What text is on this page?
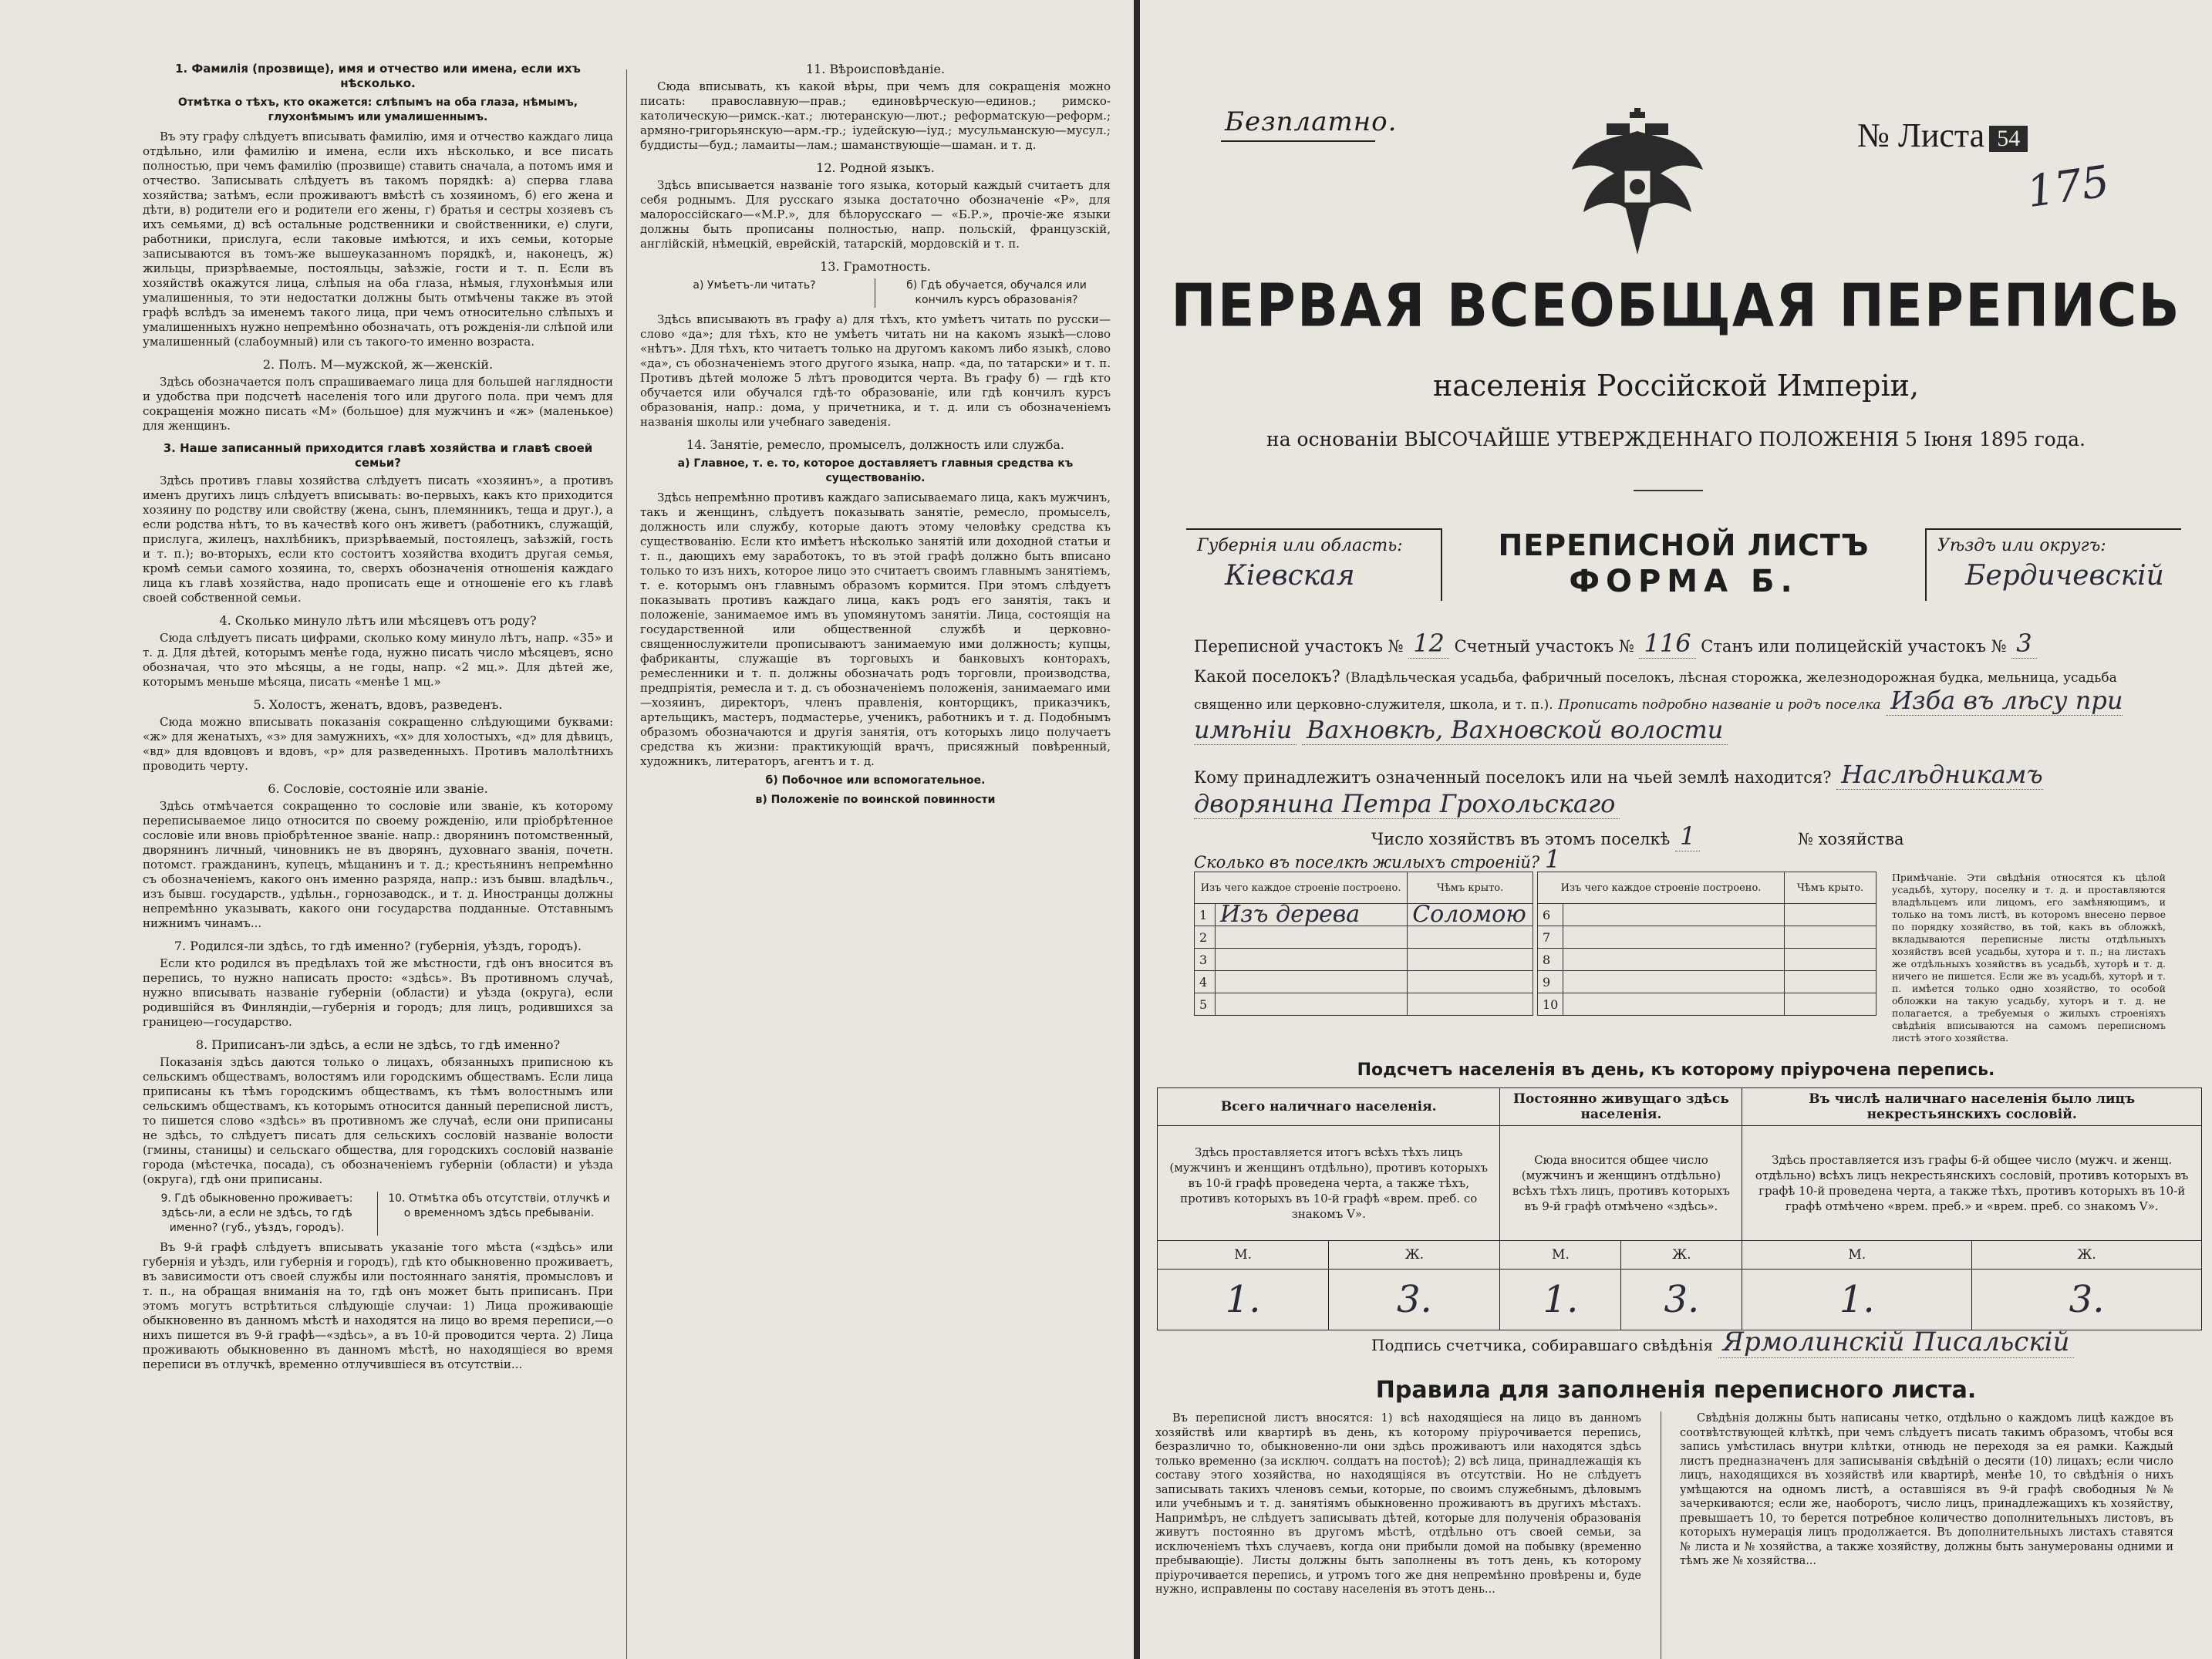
1. Фамилія (прозвище), имя и отчество или имена, если ихъ нѣсколько.
Отмѣтка о тѣхъ, кто окажется: слѣпымъ на оба глаза, нѣмымъ, глухонѣмымъ или умалишеннымъ.

Въ эту графу слѣдуетъ вписывать фамилію, имя и отчество каждаго лица отдѣльно, или фамилію и имена, если ихъ нѣсколько, и все писать полностью, при чемъ фамилію (прозвище) ставить сначала, а потомъ имя и отчество. Записывать слѣдуетъ въ такомъ порядкѣ: а) сперва глава хозяйства; затѣмъ, если проживаютъ вмѣстѣ съ хозяиномъ, б) его жена и дѣти, в) родители его и родители его жены, г) братья и сестры хозяевъ съ ихъ семьями, д) всѣ остальные родственники и свойственники, е) слуги, работники, прислуга, если таковые имѣются, и ихъ семьи, которые записываются въ томъ-же вышеуказанномъ порядкѣ, и, наконецъ, ж) жильцы, призрѣваемые, постояльцы, заѣзжіе, гости и т. п. Если въ хозяйствѣ окажутся лица, слѣпыя на оба глаза, нѣмыя, глухонѣмыя или умалишенныя, то эти недостатки должны быть отмѣчены также въ этой графѣ вслѣдъ за именемъ такого лица, при чемъ относительно слѣпыхъ и умалишенныхъ нужно непремѣнно обозначать, отъ рожденія-ли слѣпой или умалишенный (слабоумный) или съ такого-то именно возраста.

2. Полъ. М—мужской, ж—женскій.

Здѣсь обозначается полъ спрашиваемаго лица для большей наглядности и удобства при подсчетѣ населенія того или другого пола. при чемъ для сокращенія можно писать «М» (большое) для мужчинъ и «ж» (маленькое) для женщинъ.

3. Наше записанный приходится главѣ хозяйства и главѣ своей семьи?

Здѣсь противъ главы хозяйства слѣдуетъ писать «хозяинъ», а противъ именъ другихъ лицъ слѣдуетъ вписывать: во-первыхъ, какъ кто приходится хозяину по родству или свойству (жена, сынъ, племянникъ, теща и друг.), а если родства нѣтъ, то въ качествѣ кого онъ живетъ (работникъ, служащій, прислуга, жилецъ, нахлѣбникъ, призрѣваемый, постоялецъ, заѣзжій, гость и т. п.); во-вторыхъ, если кто состоитъ хозяйства входитъ другая семья, кромѣ семьи самого хозяина, то, сверхъ обозначенія отношенія каждаго лица къ главѣ хозяйства, надо прописать еще и отношеніе его къ главѣ своей собственной семьи.

4. Сколько минуло лѣтъ или мѣсяцевъ отъ роду?

Сюда слѣдуетъ писать цифрами, сколько кому минуло лѣтъ, напр. «35» и т. д. Для дѣтей, которымъ менѣе года, нужно писать число мѣсяцевъ, ясно обозначая, что это мѣсяцы, а не годы, напр. «2 мц.». Для дѣтей же, которымъ меньше мѣсяца, писать «менѣе 1 мц.»

5. Холостъ, женатъ, вдовъ, разведенъ.

Сюда можно вписывать показанія сокращенно слѣдующими буквами: «ж» для женатыхъ, «з» для замужнихъ, «х» для холостыхъ, «д» для дѣвицъ, «вд» для вдовцовъ и вдовъ, «р» для разведенныхъ. Противъ малолѣтнихъ проводить черту.

6. Сословіе, состояніе или званіе.

Здѣсь отмѣчается сокращенно то сословіе или званіе, къ которому переписываемое лицо относится по своему рожденію, или пріобрѣтенное сословіе или вновь пріобрѣтенное званіе. напр.: дворянинъ потомственный, дворянинъ личный, чиновникъ не въ дворянъ, духовнаго званія, почетн. потомст. гражданинъ, купецъ, мѣщанинъ и т. д.; крестьянинъ непремѣнно съ обозначеніемъ, какого онъ именно разряда, напр.: изъ бывш. владѣльч., изъ бывш. государств., удѣльн., горнозаводск., и т. д. Иностранцы должны непремѣнно указывать, какого они государства подданные. Отставнымъ нижнимъ чинамъ...

7. Родился-ли здѣсь, то гдѣ именно? (губернія, уѣздъ, городъ).

Если кто родился въ предѣлахъ той же мѣстности, гдѣ онъ вносится въ перепись, то нужно написать просто: «здѣсь». Въ противномъ случаѣ, нужно вписывать названіе губерніи (области) и уѣзда (округа), если родившійся въ Финляндіи,—губернія и городъ; для лицъ, родившихся за границею—государство.

8. Приписанъ-ли здѣсь, а если не здѣсь, то гдѣ именно?

Показанія здѣсь даются только о лицахъ, обязанныхъ приписною къ сельскимъ обществамъ, волостямъ или городскимъ обществамъ. Если лица приписаны къ тѣмъ городскимъ обществамъ, къ тѣмъ волостнымъ или сельскимъ обществамъ, къ которымъ относится данный переписной листъ, то пишется слово «здѣсь» въ противномъ же случаѣ, если они приписаны не здѣсь, то слѣдуетъ писать для сельскихъ сословій названіе волости (гмины, станицы) и сельскаго общества, для городскихъ сословій названіе города (мѣстечка, посада), съ обозначеніемъ губерніи (области) и уѣзда (округа), гдѣ они приписаны.

9. Гдѣ обыкновенно проживаетъ: здѣсь-ли, а если не здѣсь, то гдѣ именно? (губ., уѣздъ, городъ).
10. Отмѣтка объ отсутствіи, отлучкѣ и о временномъ здѣсь пребываніи.

Въ 9-й графѣ слѣдуетъ вписывать указаніе того мѣста («здѣсь» или губернія и уѣздъ, или губернія и городъ), гдѣ кто обыкновенно проживаетъ, въ зависимости отъ своей службы или постояннаго занятія, промысловъ и т. п., на обращая вниманія на то, гдѣ онъ может быть приписанъ. При этомъ могутъ встрѣтиться слѣдующіе случаи: 1) Лица проживающіе обыкновенно въ данномъ мѣстѣ и находятся на лицо во время переписи,—о нихъ пишется въ 9-й графѣ—«здѣсь», а въ 10-й проводится черта. 2) Лица проживають обыкновенно въ данномъ мѣстѣ, но находящіеся во время переписи въ отлучкѣ, временно отлучившіеся въ отсутствіи...

11. Вѣроисповѣданіе.

Сюда вписывать, къ какой вѣры, при чемъ для сокращенія можно писать: православную—прав.; единовѣрческую—единов.; римско-католическую—римск.-кат.; лютеранскую—лют.; реформатскую—реформ.; армяно-григорьянскую—арм.-гр.; іудейскую—іуд.; мусульманскую—мусул.; буддисты—буд.; ламаиты—лам.; шаманствующіе—шаман. и т. д.

12. Родной языкъ.

Здѣсь вписывается названіе того языка, который каждый считаетъ для себя роднымъ. Для русскаго языка достаточно обозначеніе «Р», для малороссійскаго—«М.Р.», для бѣлорусскаго — «Б.Р.», прочіе-же языки должны быть прописаны полностью, напр. польскій, французскій, англійскій, нѣмецкій, еврейскій, татарскій, мордовскій и т. п.

13. Грамотность.
а) Умѣетъ-ли читать?	б) Гдѣ обучается, обучался или кончилъ курсъ образованія?

Здѣсь вписывають въ графу а) для тѣхъ, кто умѣетъ читать по русски—слово «да»; для тѣхъ, кто не умѣетъ читать ни на какомъ языкѣ—слово «нѣтъ». Для тѣхъ, кто читаетъ только на другомъ какомъ либо языкѣ, слово «да», съ обозначеніемъ этого другого языка, напр. «да, по татарски» и т. п. Противъ дѣтей моложе 5 лѣтъ проводится черта. Въ графу б) — гдѣ кто обучается или обучался гдѣ-то образованіе, или гдѣ кончилъ курсъ образованія, напр.: дома, у причетника, и т. д. или съ обозначеніемъ названія школы или учебнаго заведенія.

14. Занятіе, ремесло, промыселъ, должность или служба.
а) Главное, т. е. то, которое доставляетъ главныя средства къ существованію.

Здѣсь непремѣнно противъ каждаго записываемаго лица, какъ мужчинъ, такъ и женщинъ, слѣдуетъ показывать занятіе, ремесло, промыселъ, должность или службу, которые даютъ этому человѣку средства къ существованію. Если кто имѣетъ нѣсколько занятій или доходной статьи и т. п., дающихъ ему заработокъ, то въ этой графѣ должно быть вписано только то изъ нихъ, которое лицо это считаетъ своимъ главнымъ занятіемъ, т. е. которымъ онъ главнымъ образомъ кормится. При этомъ слѣдуетъ показывать противъ каждаго лица, какъ родъ его занятія, такъ и положеніе, занимаемое имъ въ упомянутомъ занятіи. Лица, состоящія на государственной или общественной службѣ и церковно-священнослужители прописываютъ занимаемую ими должность; купцы, фабриканты, служащіе въ торговыхъ и банковыхъ конторахъ, ремесленники и т. п. должны обозначать родъ торговли, производства, предпріятія, ремесла и т. д. съ обозначеніемъ положенія, занимаемаго ими—хозяинъ, директоръ, членъ правленія, конторщикъ, приказчикъ, артельщикъ, мастеръ, подмастерье, ученикъ, работникъ и т. д. Подобнымъ образомъ обозначаются и другія занятія, отъ которыхъ лицо получаетъ средства къ жизни: практикующій врачъ, присяжный повѣренный, художникъ, литераторъ, агентъ и т. д.

б) Побочное или вспомогательное.
в) Положеніе по воинской повинности
Безплатно.	№ Листа 54
175
ПЕРВАЯ ВСЕОБЩАЯ ПЕРЕПИСЬ
населенія Россійской Имперіи,
на основаніи ВЫСОЧАЙШЕ УТВЕРЖДЕННАГО ПОЛОЖЕНІЯ 5 Іюня 1895 года.
Губернія или область:
Кіевская
ПЕРЕПИСНОЙ ЛИСТЪ
ФОРМА Б.
Уѣздъ или округъ:
Бердичевскій
Переписной участокъ № 12 Счетный участокъ № 116 Станъ или полицейскій участокъ № 3
Какой поселокъ? (Владѣльческая усадьба, фабричный поселокъ, лѣсная сторожка, железнодорожная будка, мельница, усадьба священно или церковно-служителя, школа, и т. п.). Прописать подробно названіе и родъ поселка Изба въ лѣсу при имѣніи Вахновкѣ, Вахновской волости
Кому принадлежитъ означенный поселокъ или на чьей землѣ находится? Наслѣдникамъ дворянина Петра Грохольскаго
Число хозяйствъ въ этомъ поселкѣ 1	№ хозяйства
Сколько въ поселкѣ жилыхъ строеній? 1
Изъ чего каждое строеніе построено.		Чѣмъ крыто.
1	Изъ дерева	Соломою
2		
3		
4		
5		
Изъ чего каждое строеніе построено.		Чѣмъ крыто.
6		
7		
8		
9		
10		
Примѣчаніе. Эти свѣдѣнія относятся къ цѣлой усадьбѣ, хутору, поселку и т. д. и проставляются владѣльцемъ или лицомъ, его замѣняющимъ, и только на томъ листѣ, въ которомъ внесено первое по порядку хозяйство, въ той, какъ въ обложкѣ, вкладываются переписные листы отдѣльныхъ хозяйствъ всей усадьбы, хутора и т. п.; на листахъ же отдѣльныхъ хозяйствъ въ усадьбѣ, хуторѣ и т. д. ничего не пишется. Если же въ усадьбѣ, хуторѣ и т. п. имѣется только одно хозяйство, то особой обложки на такую усадьбу, хуторъ и т. д. не полагается, а требуемыя о жилыхъ строеніяхъ свѣдѣнія вписываются на самомъ переписномъ листѣ этого хозяйства.
Подсчетъ населенія въ день, къ которому пріурочена перепись.
Всего наличнаго населенія.		Постоянно живущаго здѣсь населенія.		Въ числѣ наличнаго населенія было лицъ некрестьянскихъ сословій.	
Здѣсь проставляется итогъ всѣхъ тѣхъ лицъ (мужчинъ и женщинъ отдѣльно), противъ которыхъ въ 10-й графѣ проведена черта, а также тѣхъ, противъ которыхъ въ 10-й графѣ «врем. преб. со знакомъ V».		Сюда вносится общее число (мужчинъ и женщинъ отдѣльно) всѣхъ тѣхъ лицъ, противъ которыхъ въ 9-й графѣ отмѣчено «здѣсь».		Здѣсь проставляется изъ графы 6-й общее число (мужч. и женщ. отдѣльно) всѣхъ лицъ некрестьянскихъ сословій, противъ которыхъ въ графѣ 10-й проведена черта, а также тѣхъ, противъ которыхъ въ 10-й графѣ отмѣчено «врем. преб.» и «врем. преб. со знакомъ V».	
М.	Ж.	М.	Ж.	М.	Ж.
1.	3.	1.	3.	1.	3.
Подпись счетчика, собиравшаго свѣдѣнія Ярмолинскій Писальскій
Правила для заполненія переписного листа.

Въ переписной листъ вносятся: 1) всѣ находящіеся на лицо въ данномъ хозяйствѣ или квартирѣ въ день, къ которому пріурочивается перепись, безразлично то, обыкновенно-ли они здѣсь проживаютъ или находятся здѣсь только временно (за исключ. солдатъ на постоѣ); 2) всѣ лица, принадлежащія къ составу этого хозяйства, но находящіяся въ отсутствіи. Но не слѣдуетъ записывать такихъ членовъ семьи, которые, по своимъ служебнымъ, дѣловымъ или учебнымъ и т. д. занятіямъ обыкновенно проживаютъ въ другихъ мѣстахъ. Напримѣръ, не слѣдуетъ записывать дѣтей, которые для полученія образованія живутъ постоянно въ другомъ мѣстѣ, отдѣльно отъ своей семьи, за исключеніемъ тѣхъ случаевъ, когда они прибыли домой на побывку (временно пребывающіе). Листы должны быть заполнены въ тотъ день, къ которому пріурочивается перепись, и утромъ того же дня непремѣнно провѣрены и, буде нужно, исправлены по составу населенія въ этотъ день...

Свѣдѣнія должны быть написаны четко, отдѣльно о каждомъ лицѣ каждое въ соотвѣтствующей клѣткѣ, при чемъ слѣдуетъ писать такимъ образомъ, чтобы вся запись умѣстилась внутри клѣтки, отнюдь не переходя за ея рамки. Каждый листъ предназначенъ для записыванія свѣдѣній о десяти (10) лицахъ; если число лицъ, находящихся въ хозяйствѣ или квартирѣ, менѣе 10, то свѣдѣнія о нихъ умѣщаются на одномъ листѣ, а оставшіяся въ 9-й графѣ свободныя №№ зачеркиваются; если же, наоборотъ, число лицъ, принадлежащихъ къ хозяйству, превышаетъ 10, то берется потребное количество дополнительныхъ листовъ, въ которыхъ нумерація лицъ продолжается. Въ дополнительныхъ листахъ ставятся № листа и № хозяйства, а также хозяйству, должны быть занумерованы одними и тѣмъ же № хозяйства...
